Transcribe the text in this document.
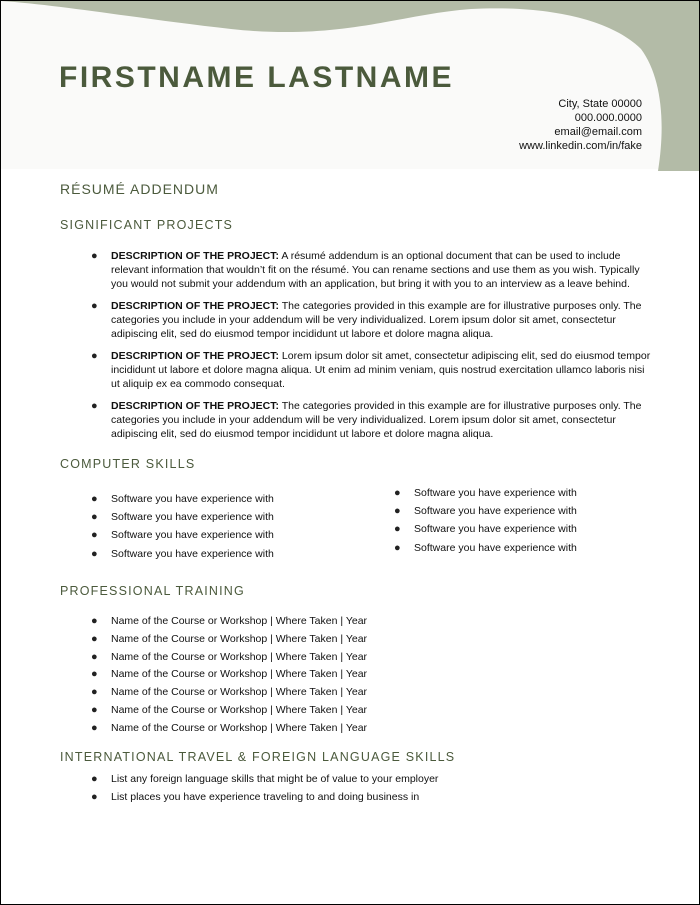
FIRSTNAME LASTNAME
City, State 00000
000.000.0000
email@email.com
www.linkedin.com/in/fake
RÉSUMÉ ADDENDUM
SIGNIFICANT PROJECTS
● DESCRIPTION OF THE PROJECT: A résumé addendum is an optional document that can be used to include relevant information that wouldn’t fit on the résumé. You can rename sections and use them as you wish. Typically you would not submit your addendum with an application, but bring it with you to an interview as a leave behind.
● DESCRIPTION OF THE PROJECT: The categories provided in this example are for illustrative purposes only. The categories you include in your addendum will be very individualized. Lorem ipsum dolor sit amet, consectetur adipiscing elit, sed do eiusmod tempor incididunt ut labore et dolore magna aliqua.
● DESCRIPTION OF THE PROJECT: Lorem ipsum dolor sit amet, consectetur adipiscing elit, sed do eiusmod tempor incididunt ut labore et dolore magna aliqua. Ut enim ad minim veniam, quis nostrud exercitation ullamco laboris nisi ut aliquip ex ea commodo consequat.
● DESCRIPTION OF THE PROJECT: The categories provided in this example are for illustrative purposes only. The categories you include in your addendum will be very individualized. Lorem ipsum dolor sit amet, consectetur adipiscing elit, sed do eiusmod tempor incididunt ut labore et dolore magna aliqua.
COMPUTER SKILLS
● Software you have experience with
● Software you have experience with
● Software you have experience with
● Software you have experience with
● Software you have experience with
● Software you have experience with
● Software you have experience with
● Software you have experience with
PROFESSIONAL TRAINING
● Name of the Course or Workshop | Where Taken | Year
● Name of the Course or Workshop | Where Taken | Year
● Name of the Course or Workshop | Where Taken | Year
● Name of the Course or Workshop | Where Taken | Year
● Name of the Course or Workshop | Where Taken | Year
● Name of the Course or Workshop | Where Taken | Year
● Name of the Course or Workshop | Where Taken | Year
INTERNATIONAL TRAVEL & FOREIGN LANGUAGE SKILLS
● List any foreign language skills that might be of value to your employer
● List places you have experience traveling to and doing business in
